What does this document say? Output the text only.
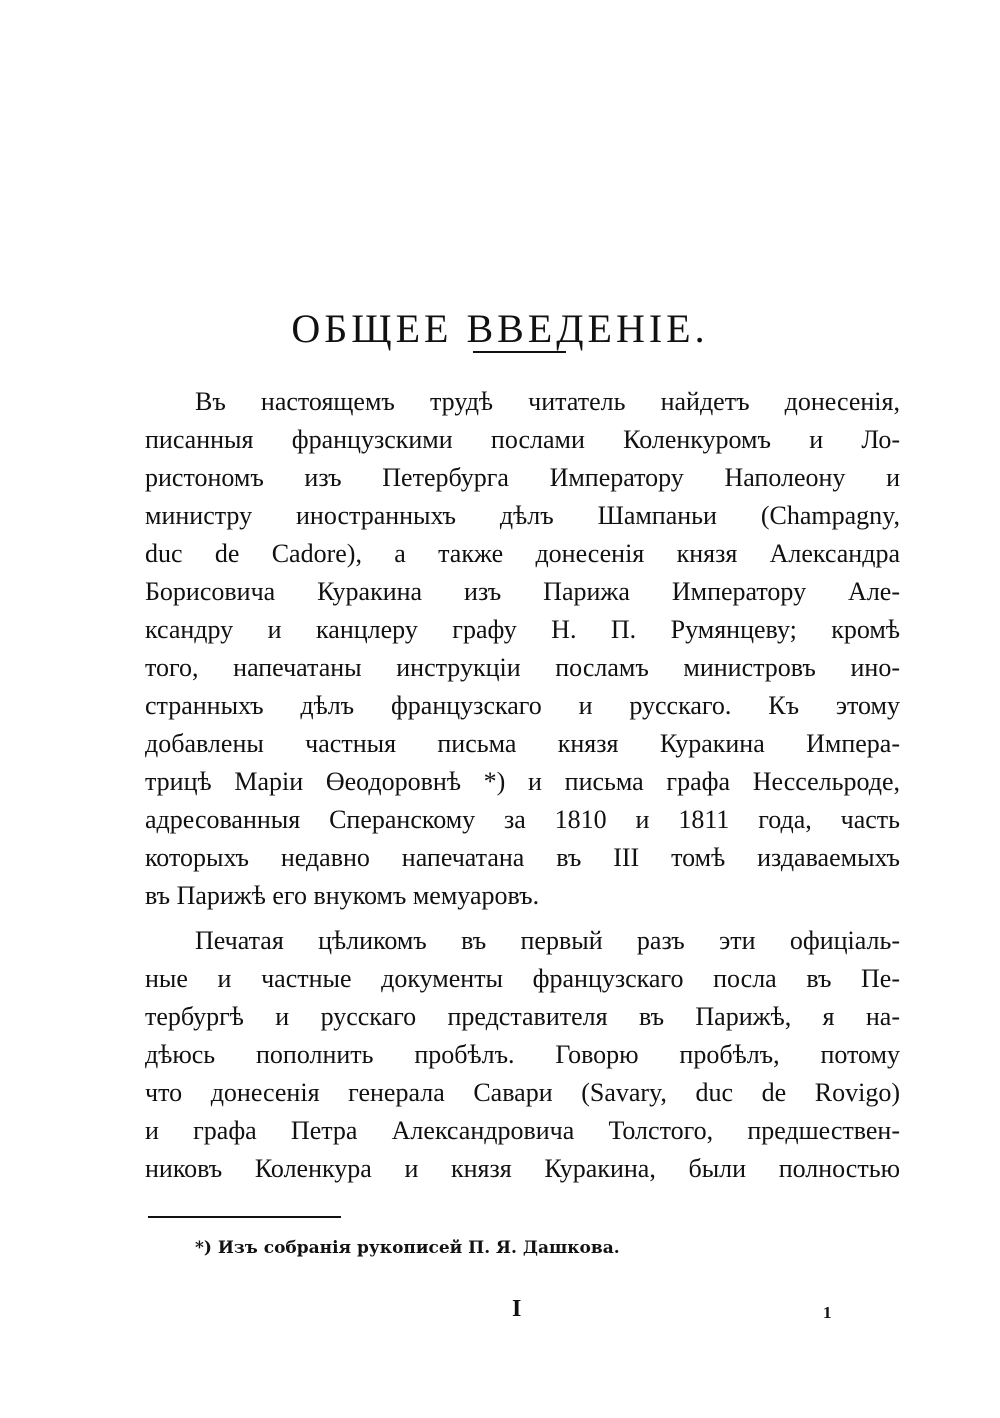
ОБЩЕЕ ВВЕДЕНІЕ.
Въ настоящемъ трудѣ читатель найдетъ донесенія,
писанныя французскими послами Коленкуромъ и Ло-
ристономъ изъ Петербурга Императору Наполеону и
министру иностранныхъ дѣлъ Шампаньи (Champagny,
duc de Cadore), а также донесенія князя Александра
Борисовича Куракина изъ Парижа Императору Але-
ксандру и канцлеру графу Н. П. Румянцеву; кромѣ
того, напечатаны инструкціи посламъ министровъ ино-
странныхъ дѣлъ французскаго и русскаго. Къ этому
добавлены частныя письма князя Куракина Импера-
трицѣ Маріи Өеодоровнѣ *) и письма графа Нессельроде,
адресованныя Сперанскому за 1810 и 1811 года, часть
которыхъ недавно напечатана въ III томѣ издаваемыхъ
въ Парижѣ его внукомъ мемуаровъ.
Печатая цѣликомъ въ первый разъ эти офиціаль-
ные и частные документы французскаго посла въ Пе-
тербургѣ и русскаго представителя въ Парижѣ, я на-
дѣюсь пополнить пробѣлъ. Говорю пробѣлъ, потому
что донесенія генерала Савари (Savary, duc de Rovigo)
и графа Петра Александровича Толстого, предшествен-
никовъ Коленкура и князя Куракина, были полностью
*) Изъ собранія рукописей П. Я. Дашкова.
I	1
